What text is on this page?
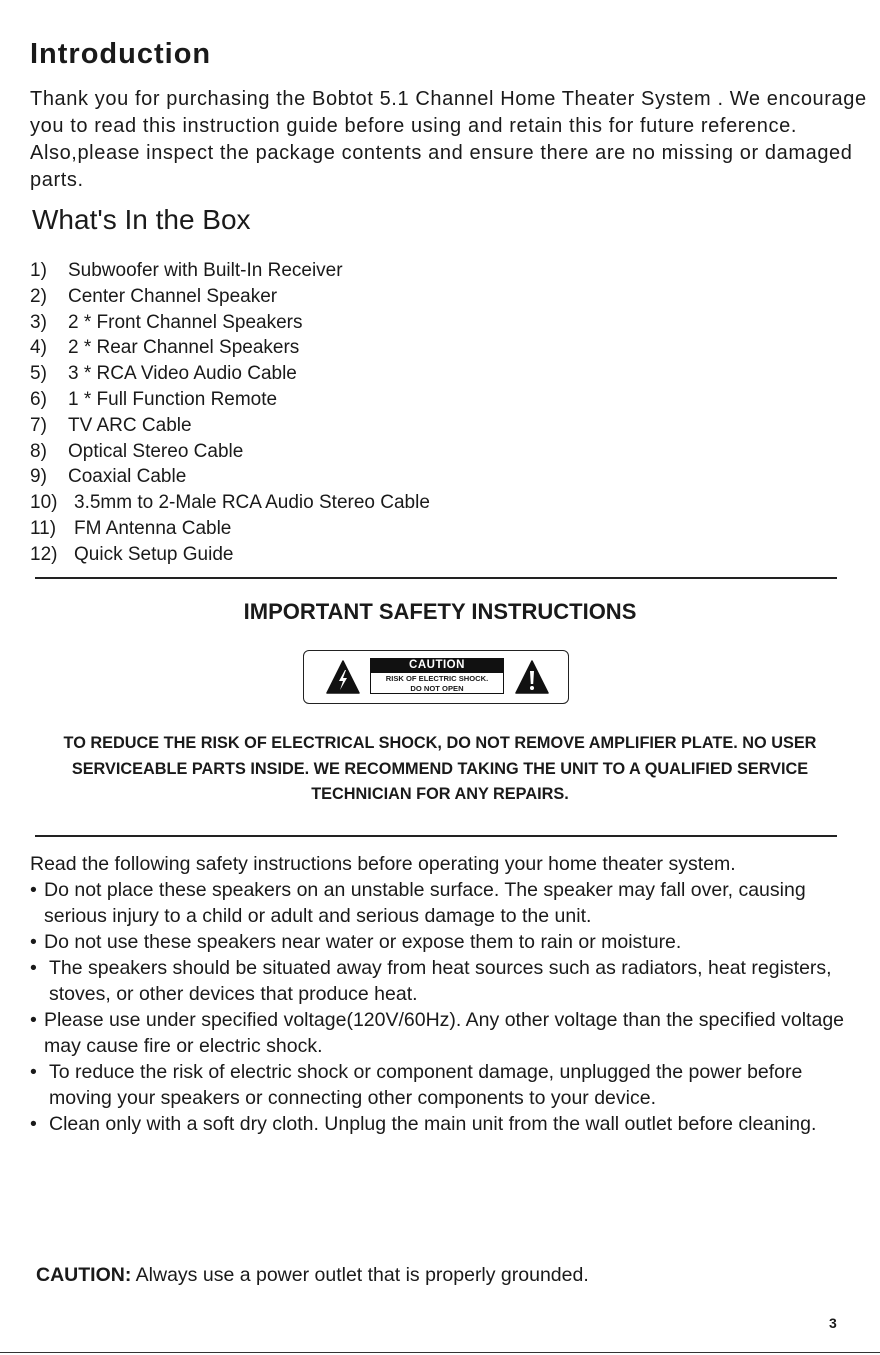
Introduction

Thank you for purchasing the Bobtot 5.1 Channel Home Theater System . We encourage you to read this instruction guide before using and retain this for future reference. Also,please inspect the package contents and ensure there are no missing or damaged parts.

What's In the Box
1) Subwoofer with Built-In Receiver
2) Center Channel Speaker
3) 2 * Front Channel Speakers
4) 2 * Rear Channel Speakers
5) 3 * RCA Video Audio Cable
6) 1 * Full Function Remote
7) TV ARC Cable
8) Optical Stereo Cable
9) Coaxial Cable
10) 3.5mm to 2-Male RCA Audio Stereo Cable
11) FM Antenna Cable
12) Quick Setup Guide
IMPORTANT SAFETY INSTRUCTIONS
CAUTION
RISK OF ELECTRIC SHOCK.
DO NOT OPEN

TO REDUCE THE RISK OF ELECTRICAL SHOCK, DO NOT REMOVE AMPLIFIER PLATE. NO USER SERVICEABLE PARTS INSIDE. WE RECOMMEND TAKING THE UNIT TO A QUALIFIED SERVICE TECHNICIAN FOR ANY REPAIRS.

Read the following safety instructions before operating your home theater system.

• Do not place these speakers on an unstable surface. The speaker may fall over, causing serious injury to a child or adult and serious damage to the unit.
• Do not use these speakers near water or expose them to rain or moisture.
• The speakers should be situated away from heat sources such as radiators, heat registers, stoves, or other devices that produce heat.
• Please use under specified voltage(120V/60Hz). Any other voltage than the specified voltage may cause fire or electric shock.
• To reduce the risk of electric shock or component damage, unplugged the power before moving your speakers or connecting other components to your device.
• Clean only with a soft dry cloth. Unplug the main unit from the wall outlet before cleaning.
CAUTION: Always use a power outlet that is properly grounded.
3
